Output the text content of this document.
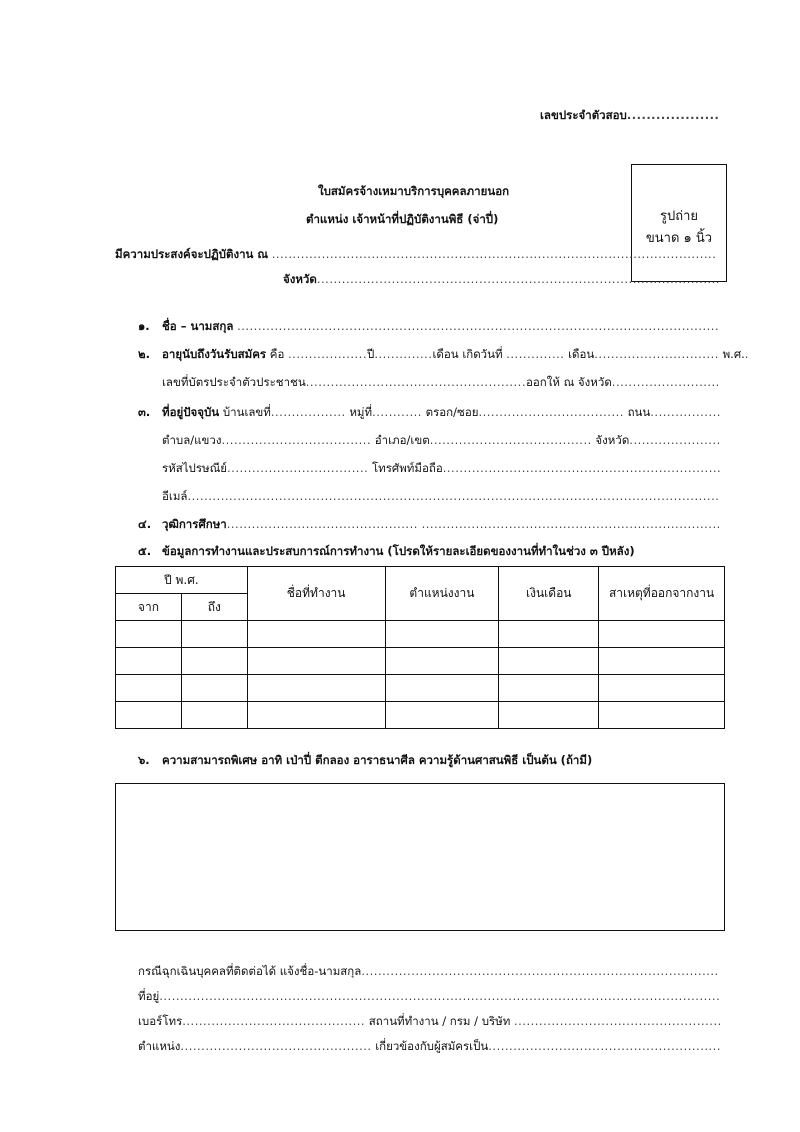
เลขประจำตัวสอบ...................
ใบสมัครจ้างเหมาบริการบุคคลภายนอก
ตำแหน่ง เจ้าหน้าที่ปฏิบัติงานพิธี (จ่าปี่)	รูปถ่าย
ขนาด ๑ นิ้ว
มีความประสงค์จะปฏิบัติงาน ณ ...........................................................................................................
จังหวัด.................................................................................................
๑. ชื่อ – นามสกุล ....................................................................................................................
๒. อายุนับถึงวันรับสมัคร คือ ...................ปี..............เดือน เกิดวันที่ .............. เดือน.............................. พ.ศ..
เลขที่บัตรประจำตัวประชาชน.....................................................ออกให้ ณ จังหวัด..........................
๓. ที่อยู่ปัจจุบัน บ้านเลขที่.................. หมู่ที่............ ตรอก/ซอย................................... ถนน.................
ตำบล/แขวง.................................... อำเภอ/เขต....................................... จังหวัด......................
รหัสไปรษณีย์.................................. โทรศัพท์มือถือ...................................................................
อีเมล์................................................................................................................................
๔. วุฒิการศึกษา.............................................. ........................................................................
๕. ข้อมูลการทำงานและประสบการณ์การทำงาน (โปรดให้รายละเอียดของงานที่ทำในช่วง ๓ ปีหลัง)
ปี พ.ศ.		ชื่อที่ทำงาน	ตำแหน่งงาน	เงินเดือน	สาเหตุที่ออกจากงาน
จาก	ถึง				

๖. ความสามารถพิเศษ อาทิ เป่าปี่ ตีกลอง อาราธนาศีล ความรู้ด้านศาสนพิธี เป็นต้น (ถ้ามี)
กรณีฉุกเฉินบุคคลที่ติดต่อได้ แจ้งชื่อ-นามสกุล......................................................................................
ที่อยู่.......................................................................................................................................
เบอร์โทร............................................ สถานที่ทำงาน / กรม / บริษัท ..................................................
ตำแหน่ง.............................................. เกี่ยวข้องกับผู้สมัครเป็น........................................................
